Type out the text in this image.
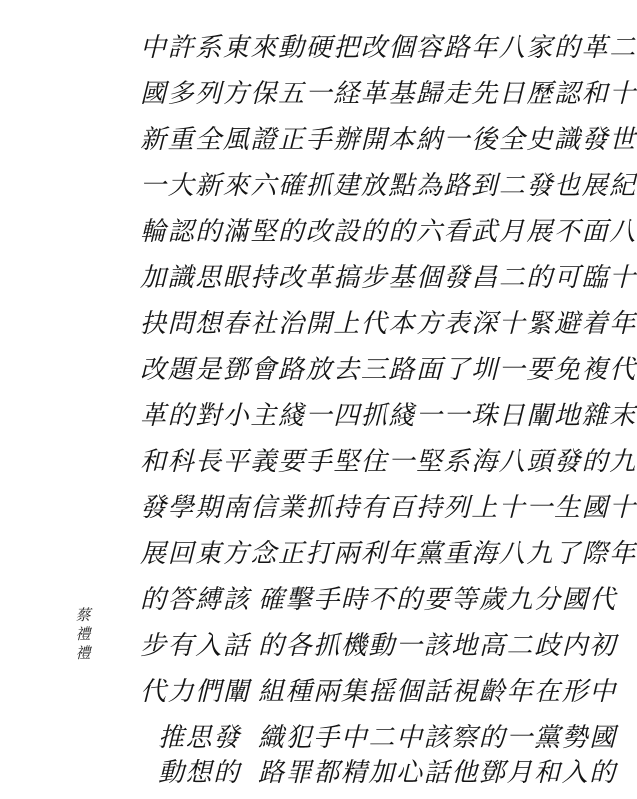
中許系東來動硬把改個容路年八家的革二
國多列方保五一経革基歸走先日歷認和十
新重全風證正手辦開本納一後全史識發世
一大新來六確抓建放點為路到二發也展紀
輪認的滿堅的改設的的六看武月展不面八
加識思眼持改革搞步基個發昌二的可臨十
抉問想春社治開上代本方表深十緊避着年
改題是鄧會路放去三路面了圳一要免複代
革的對小主綫一四抓綫一一珠日闡地雜末
和科長平義要手堅住一堅系海八頭發的九
發學期南信業抓持有百持列上十一生國十
展回東方念正打兩利年黨重海八九了際年
的答縛該 確擊手時不的要等歲九分國代
步有入話 的各抓機動一該地高二歧内初
代力們闡 組種兩集摇個話視齡年在形中
推思發 織犯手中二中該察的一黨勢國
動想的 路罪都精加心話他鄧月和入的
蔡
禮
禮
